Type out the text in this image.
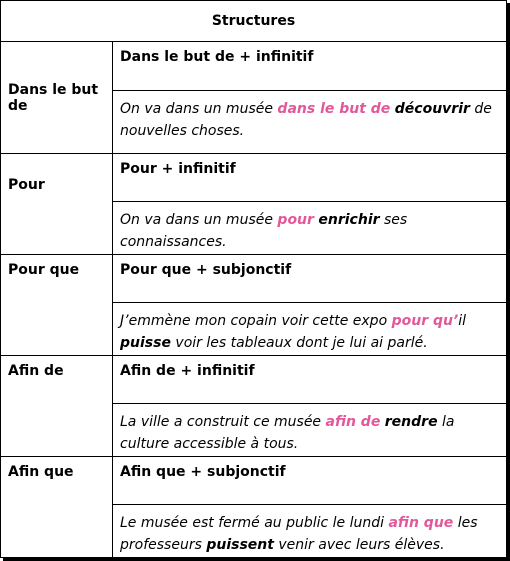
Structures	
Dans le but de	Dans le but de + infinitif
	On va dans un musée dans le but de découvrir de nouvelles choses.
Pour	Pour + infinitif
	On va dans un musée pour enrichir ses connaissances.
Pour que	Pour que + subjonctif
	J’emmène mon copain voir cette expo pour qu’il puisse voir les tableaux dont je lui ai parlé.
Afin de	Afin de + infinitif
	La ville a construit ce musée afin de rendre la culture accessible à tous.
Afin que	Afin que + subjonctif
	Le musée est fermé au public le lundi afin que les professeurs puissent venir avec leurs élèves.
